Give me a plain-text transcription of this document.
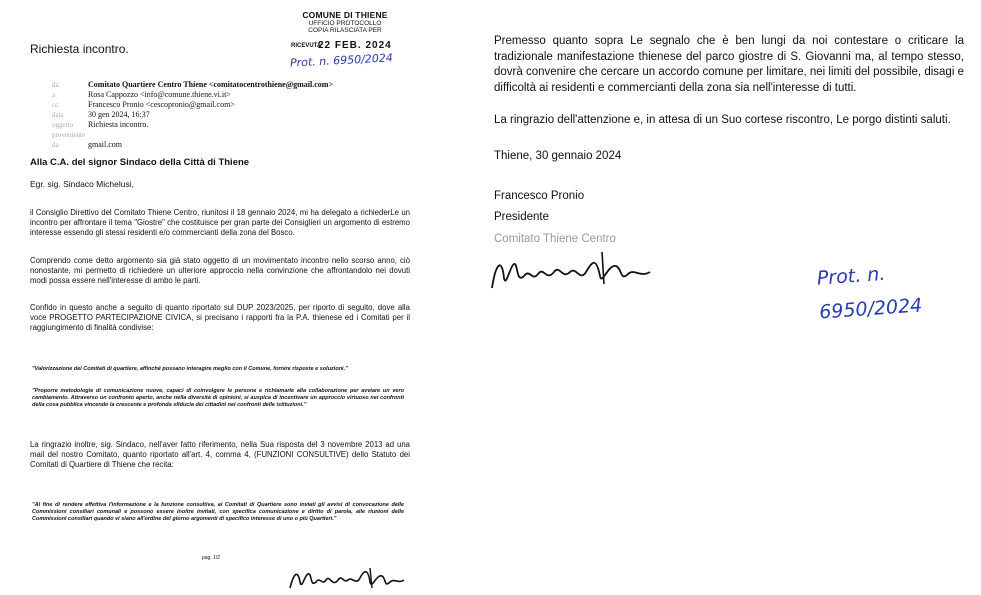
COMUNE DI THIENE
UFFICIO PROTOCOLLO
COPIA RILASCIATA PER
Richiesta incontro.	RICEVUTA
22 FEB. 2024
Prot. n. 6950/2024
da	Comitato Quartiere Centro Thiene <comitatocentrothiene@gmail.com>
a	Rosa Cappozzo <info@comune.thiene.vi.it>
cc	Francesco Pronio <cescopronio@gmail.com>
data	30 gen 2024, 16:37
oggetto Richiesta incontro.
proveniente da	gmail.com
Alla C.A. del signor Sindaco della Città di Thiene
Egr. sig. Sindaco Michelusi,
il Consiglio Direttivo del Comitato Thiene Centro, riunitosi il 18 gennaio 2024, mi ha delegato a richiederLe un incontro per affrontare il tema "Giostre" che costituisce per gran parte dei Consiglieri un argomento di estremo interesse essendo gli stessi residenti e/o commercianti della zona del Bosco.
Comprendo come detto argomento sia già stato oggetto di un movimentato incontro nello scorso anno, ciò nonostante, mi permetto di richiedere un ulteriore approccio nella convinzione che affrontandolo nei dovuti modi possa essere nell'interesse di ambo le parti.
Confido in questo anche a seguito di quanto riportato sul DUP 2023/2025, per riporto di seguito, dove alla voce PROGETTO PARTECIPAZIONE CIVICA, si precisano i rapporti fra la P.A. thienese ed i Comitati per il raggiungimento di finalità condivise:
"Valorizzazione dei Comitati di quartiere, affinché possano interagire meglio con il Comune, fornire risposte e soluzioni."
"Proporre metodologie di comunicazione nuove, capaci di coinvolgere le persone e richiamarle alla collaborazione per avviare un vero cambiamento. Attraverso un confronto aperto, anche nella diversità di opinioni, si auspica di incentivare un approccio virtuoso nei confronti della cosa pubblica vincendo la crescente e profonda sfiducia dei cittadini nei confronti delle istituzioni."
La ringrazio inoltre, sig. Sindaco, nell'aver fatto riferimento, nella Sua risposta del 3 novembre 2013 ad una mail del nostro Comitato, quanto riportato all'art. 4, comma 4, (FUNZIONI CONSULTIVE) dello Statuto dei Comitati di Quartiere di Thiene che recita:
"Al fine di rendere effettiva l'informazione e la funzione consultiva, ai Comitati di Quartiere sono inviati gli avvisi di convocazione delle Commissioni consiliari comunali e possono essere inoltre invitati, con specifica comunicazione e diritto di parola, alle riunioni delle Commissioni consiliari quando vi siano all'ordine del giorno argomenti di specifico interesse di uno o più Quartieri."
pag. 1/2
Premesso quanto sopra Le segnalo che è ben lungi da noi contestare o criticare la tradizionale manifestazione thienese del parco giostre di S. Giovanni ma, al tempo stesso, dovrà convenire che cercare un accordo comune per limitare, nei limiti del possibile, disagi e difficoltà ai residenti e commercianti della zona sia nell'interesse di tutti.
La ringrazio dell'attenzione e, in attesa di un Suo cortese riscontro, Le porgo distinti saluti.
Thiene, 30 gennaio 2024
Francesco Pronio
Presidente
Comitato Thiene Centro
Prot. n.
6950/2024
